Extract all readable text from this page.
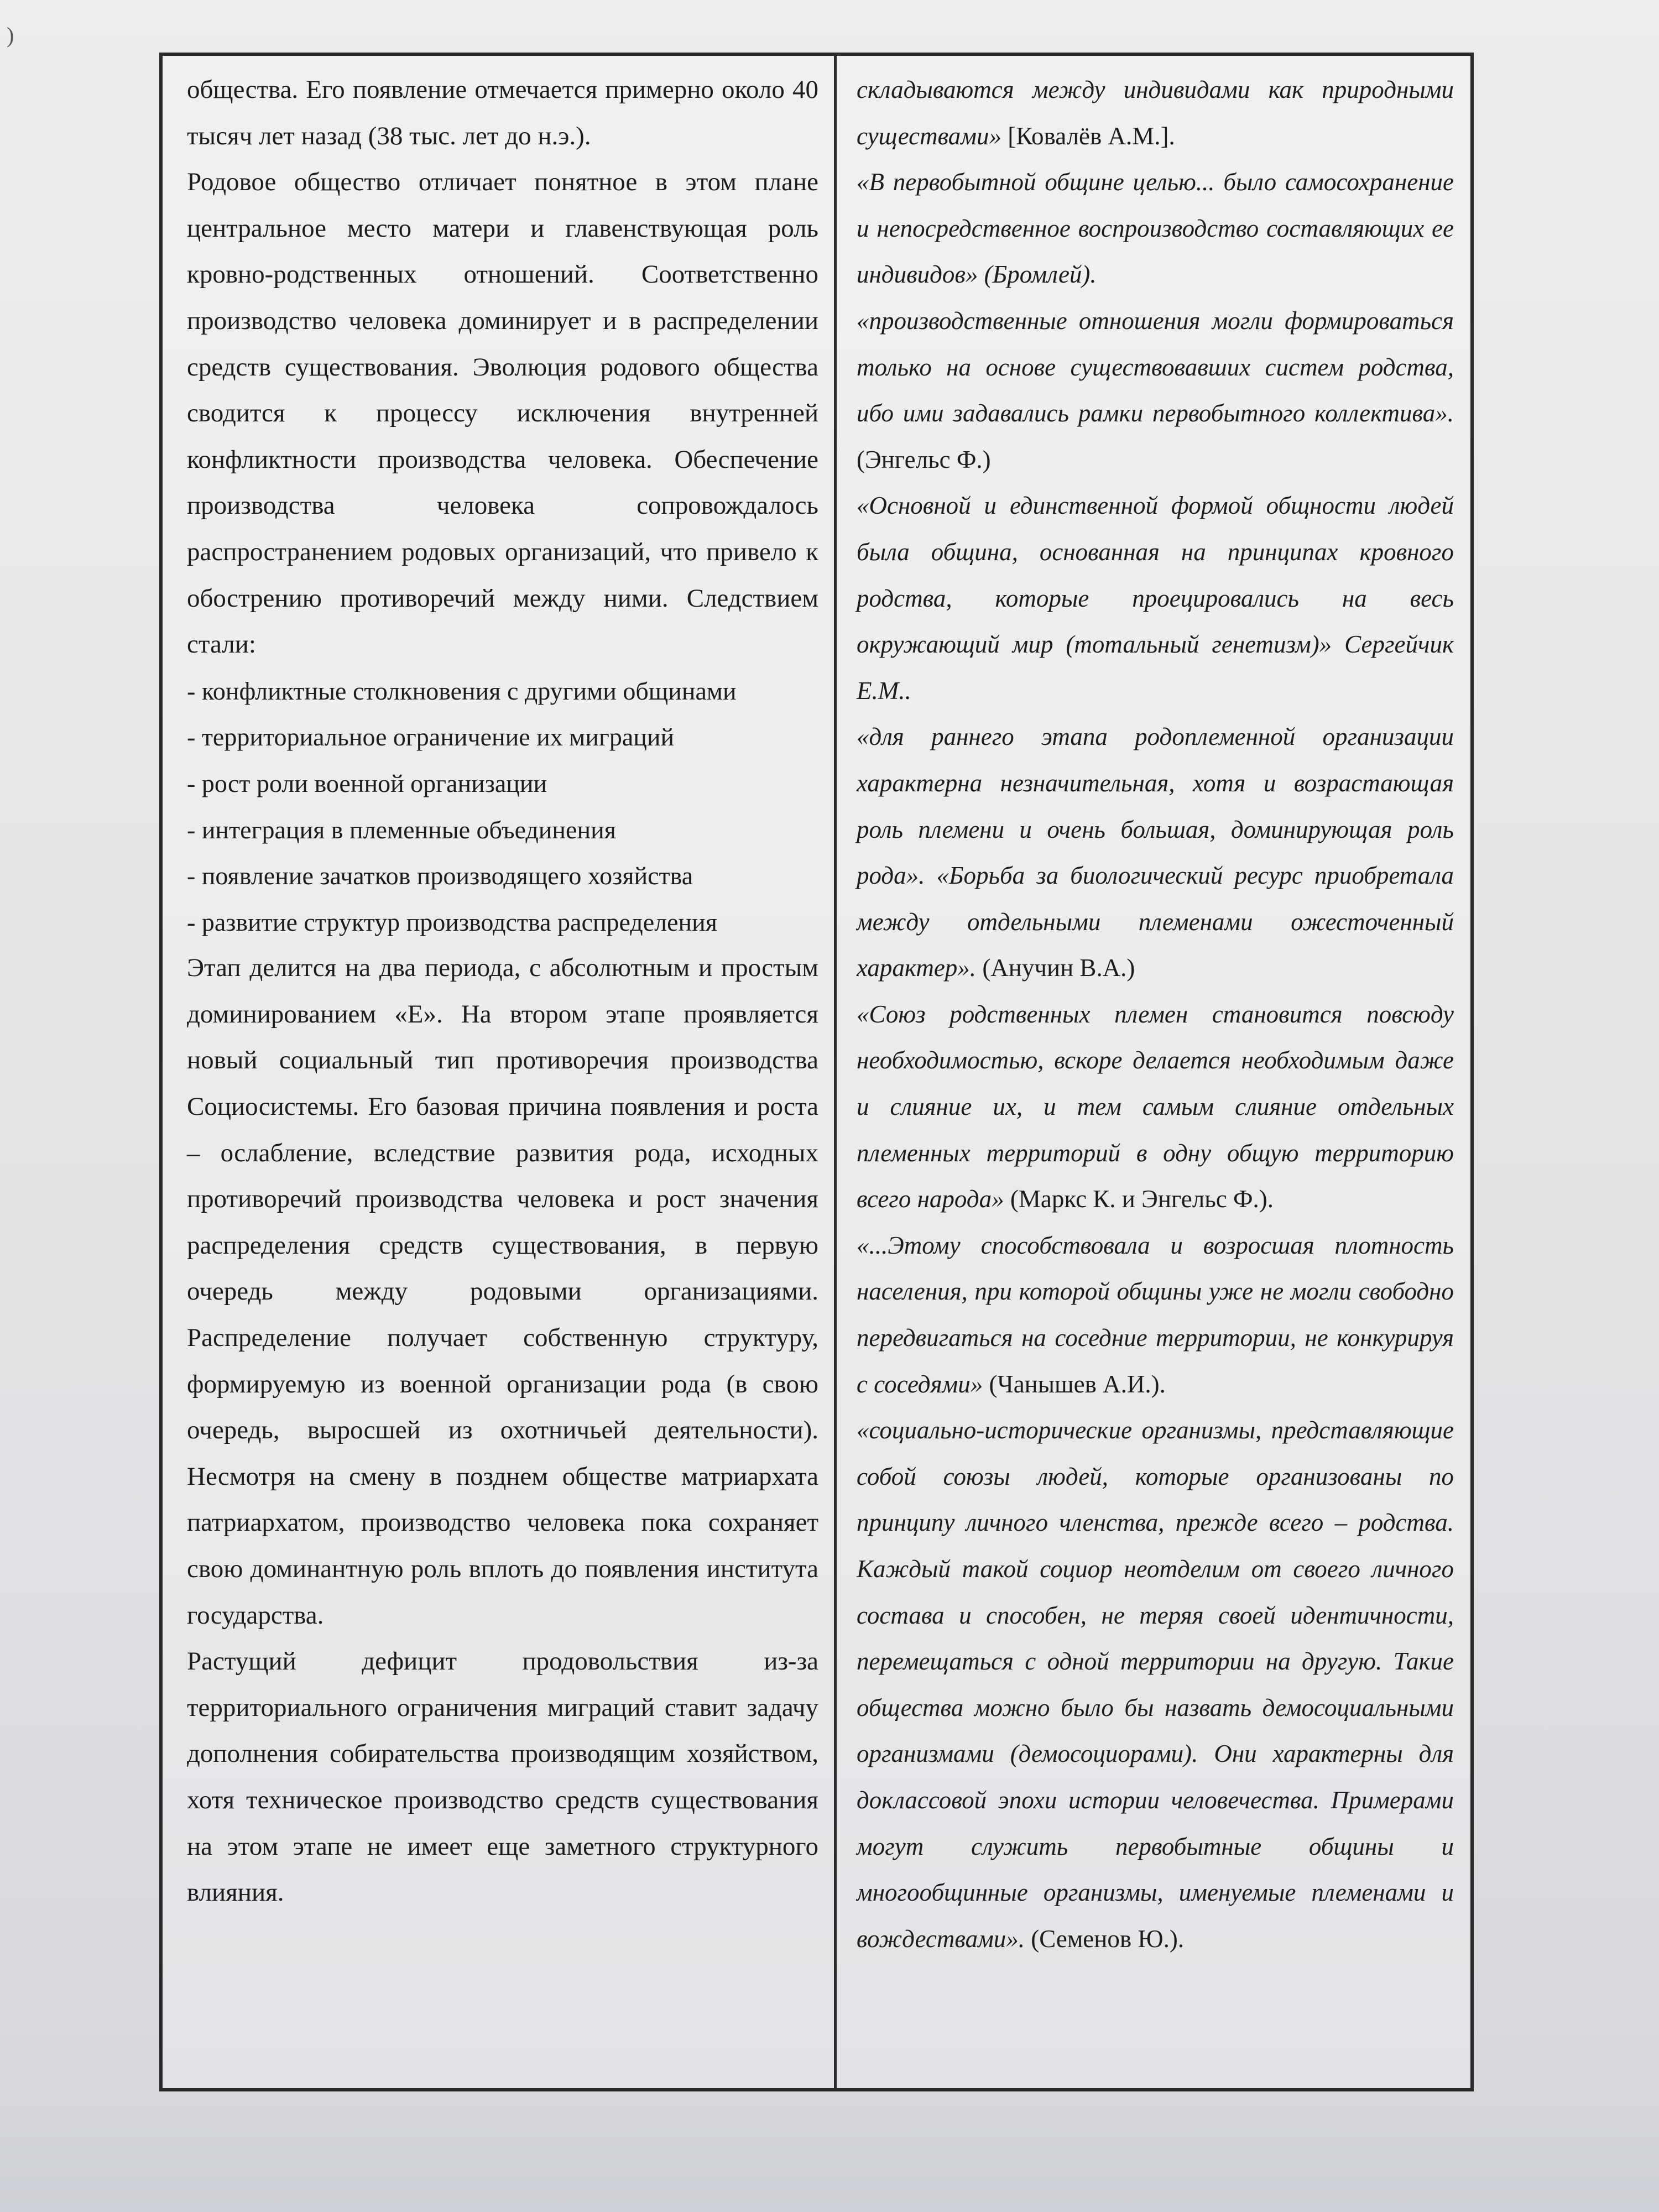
)

общества. Его появление отмечается примерно около 40 тысяч лет назад (38 тыс. лет до н.э.).

Родовое общество отличает понятное в этом плане центральное место матери и главенствующая роль кровно-родственных отношений. Соответственно производство человека доминирует и в распределении средств существования. Эволюция родового общества сводится к процессу исключения внутренней конфликтности производства человека. Обеспечение производства человека сопровождалось распространением родовых организаций, что привело к обострению противоречий между ними. Следствием стали:

- конфликтные столкновения с другими общинами

- территориальное ограничение их миграций

- рост роли военной организации

- интеграция в племенные объединения

- появление зачатков производящего хозяйства

- развитие структур производства распределения

Этап делится на два периода, с абсолютным и простым доминированием «Е». На втором этапе проявляется новый социальный тип противоречия производства Социосистемы. Его базовая причина появления и роста – ослабление, вследствие развития рода, исходных противоречий производства человека и рост значения распределения средств существования, в первую очередь между родовыми организациями. Распределение получает собственную структуру, формируемую из военной организации рода (в свою очередь, выросшей из охотничьей деятельности). Несмотря на смену в позднем обществе матриархата патриархатом, производство человека пока сохраняет свою доминантную роль вплоть до появления института государства.

Растущий дефицит продовольствия из-за территориального ограничения миграций ставит задачу дополнения собирательства производящим хозяйством, хотя техническое производство средств существования на этом этапе не имеет еще заметного структурного влияния.

складываются между индивидами как природными существами» [Ковалёв А.М.].

«В первобытной общине целью... было самосохранение и непосредственное воспроизводство составляющих ее индивидов» (Бромлей).

«производственные отношения могли формироваться только на основе существовавших систем родства, ибо ими задавались рамки первобытного коллектива». (Энгельс Ф.)

«Основной и единственной формой общности людей была община, основанная на принципах кровного родства, которые проецировались на весь окружающий мир (тотальный генетизм)» Сергейчик Е.М..

«для раннего этапа родоплеменной организации характерна незначительная, хотя и возрастающая роль племени и очень большая, доминирующая роль рода». «Борьба за биологический ресурс приобретала между отдельными племенами ожесточенный характер». (Анучин В.А.)

«Союз родственных племен становится повсюду необходимостью, вскоре делается необходимым даже и слияние их, и тем самым слияние отдельных племенных территорий в одну общую территорию всего народа» (Маркс К. и Энгельс Ф.).

«...Этому способствовала и возросшая плотность населения, при которой общины уже не могли свободно передвигаться на соседние территории, не конкурируя с соседями» (Чанышев А.И.).

«социально-исторические организмы, представляющие собой союзы людей, которые организованы по принципу личного членства, прежде всего – родства. Каждый такой социор неотделим от своего личного состава и способен, не теряя своей идентичности, перемещаться с одной территории на другую. Такие общества можно было бы назвать демосоциальными организмами (демосоциорами). Они характерны для доклассовой эпохи истории человечества. Примерами могут служить первобытные общины и многообщинные организмы, именуемые племенами и вождествами». (Семенов Ю.).
